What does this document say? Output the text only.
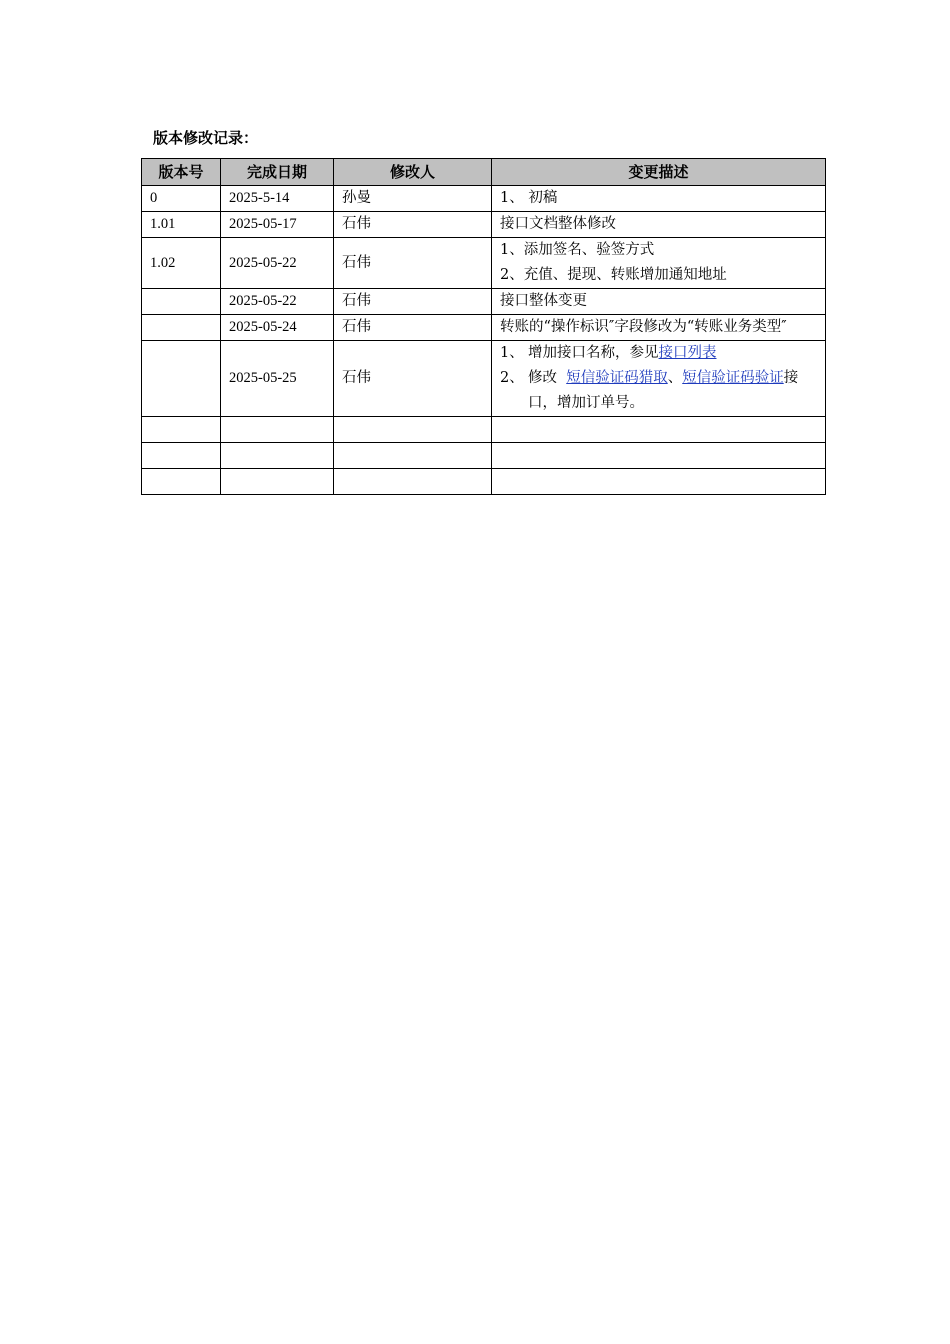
版本修改记录：

版本号	完成日期	修改人	变更描述
0	2025-5-14	孙曼	1、 初稿
1.01	2025-05-17	石伟	接口文档整体修改
1.02	2025-05-22	石伟	1、添加签名、验签方式
2、充值、提现、转账增加通知地址

	2025-05-22	石伟	接口整体变更
	2025-05-24	石伟	转账的“操作标识″字段修改为“转账业务类型″
	2025-05-25	石伟	1、 增加接口名称，参见接口列表
2、 修改 短信验证码猎取、短信验证码验证接口，增加订单号。
